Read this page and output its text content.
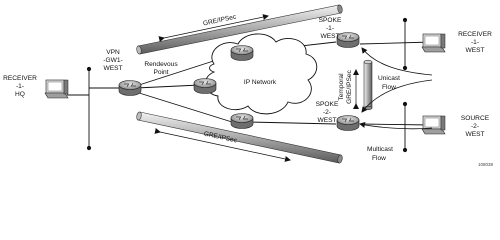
IP Network
GRE/IPSec
GRE/IPSec
Temporal GRE/IPSec	Unicast
Flow
Multicast
Flow
RECEIVER
-1-
HQ
VPN
-GW1-
WEST
Rendevous
Point
SPOKE
-1-
WEST
SPOKE
-2-
WEST
RECEIVER
-1-
WEST
SOURCE
-2-
WEST
108038
